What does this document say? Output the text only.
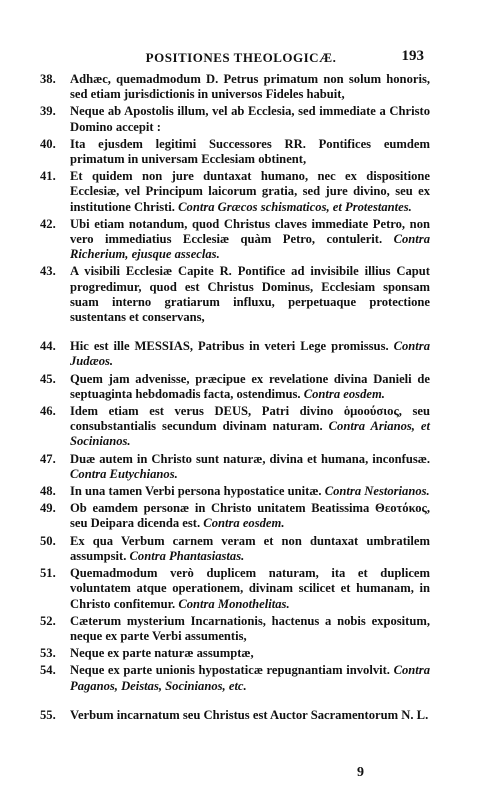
POSITIONES THEOLOGICÆ.	193
38. Adhæc, quemadmodum D. Petrus primatum non solum honoris, sed etiam jurisdictionis in universos Fideles habuit,
39. Neque ab Apostolis illum, vel ab Ecclesia, sed immediate a Christo Domino accepit :
40. Ita ejusdem legitimi Successores RR. Pontifices eumdem primatum in universam Ecclesiam obtinent,
41. Et quidem non jure duntaxat humano, nec ex dispositione Ecclesiæ, vel Principum laicorum gratia, sed jure divino, seu ex institutione Christi. Contra Græcos schismaticos, et Protestantes.
42. Ubi etiam notandum, quod Christus claves immediate Petro, non vero immediatius Ecclesiæ quàm Petro, contulerit. Contra Richerium, ejusque asseclas.
43. A visibili Ecclesiæ Capite R. Pontifice ad invisibile illius Caput progredimur, quod est Christus Dominus, Ecclesiam sponsam suam interno gratiarum influxu, perpetuaque protectione sustentans et conservans,
44. Hic est ille MESSIAS, Patribus in veteri Lege promissus. Contra Judæos.
45. Quem jam advenisse, præcipue ex revelatione divina Danieli de septuaginta hebdomadis facta, ostendimus. Contra eosdem.
46. Idem etiam est verus DEUS, Patri divino ὁμοούσιος, seu consubstantialis secundum divinam naturam. Contra Arianos, et Socinianos.
47. Duæ autem in Christo sunt naturæ, divina et humana, inconfusæ. Contra Eutychianos.
48. In una tamen Verbi persona hypostatice unitæ. Contra Nestorianos.
49. Ob eamdem personæ in Christo unitatem Beatissima Θεοτόκος, seu Deipara dicenda est. Contra eosdem.
50. Ex qua Verbum carnem veram et non duntaxat umbratilem assumpsit. Contra Phantasiastas.
51. Quemadmodum verò duplicem naturam, ita et duplicem voluntatem atque operationem, divinam scilicet et humanam, in Christo confitemur. Contra Monothelitas.
52. Cæterum mysterium Incarnationis, hactenus a nobis expositum, neque ex parte Verbi assumentis,
53. Neque ex parte naturæ assumptæ,
54. Neque ex parte unionis hypostaticæ repugnantiam involvit. Contra Paganos, Deistas, Socinianos, etc.
55. Verbum incarnatum seu Christus est Auctor Sacramentorum N. L.
9
